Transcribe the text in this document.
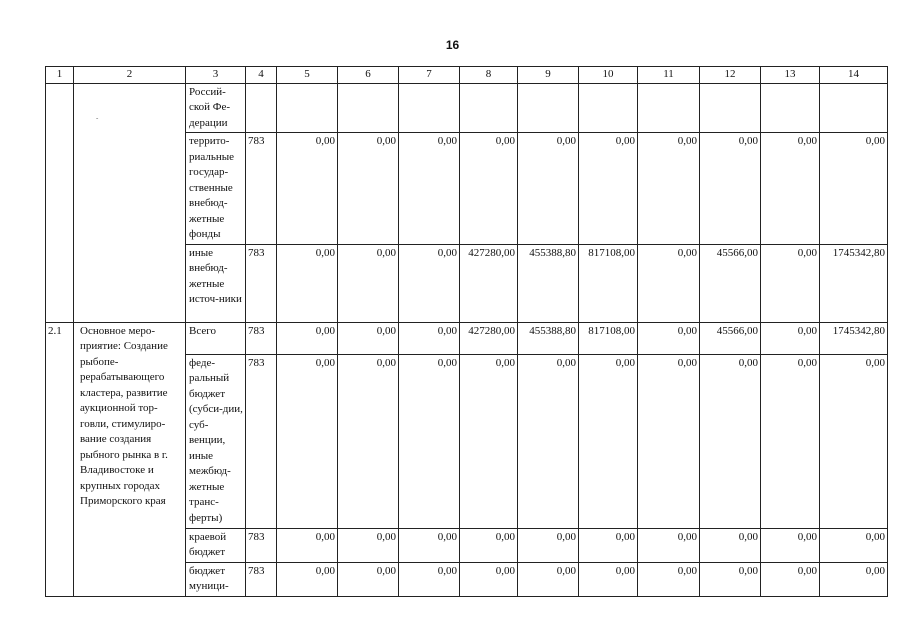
16
1	2	3	4	5	6	7	8	9	10	11	12	13	14
		Россий-ской Фе-дерации											
		террито-риальные государ-ственные внебюд-жетные фонды	783	0,00	0,00	0,00	0,00	0,00	0,00	0,00	0,00	0,00	0,00
		иные внебюд-жетные источ-ники	783	0,00	0,00	0,00	427280,00	455388,80	817108,00	0,00	45566,00	0,00	1745342,80
2.1	Основное меро-приятие: Создание рыбопе-рерабатывающего кластера, развитие аукционной тор-говли, стимулиро-вание создания рыбного рынка в г. Владивостоке и крупных городах Приморского края	Всего	783	0,00	0,00	0,00	427280,00	455388,80	817108,00	0,00	45566,00	0,00	1745342,80
		феде-ральный бюджет (субси-дии, суб-венции, иные межбюд-жетные транс-ферты)	783	0,00	0,00	0,00	0,00	0,00	0,00	0,00	0,00	0,00	0,00
		краевой бюджет	783	0,00	0,00	0,00	0,00	0,00	0,00	0,00	0,00	0,00	0,00
		бюджет муници-	783	0,00	0,00	0,00	0,00	0,00	0,00	0,00	0,00	0,00	0,00
-
